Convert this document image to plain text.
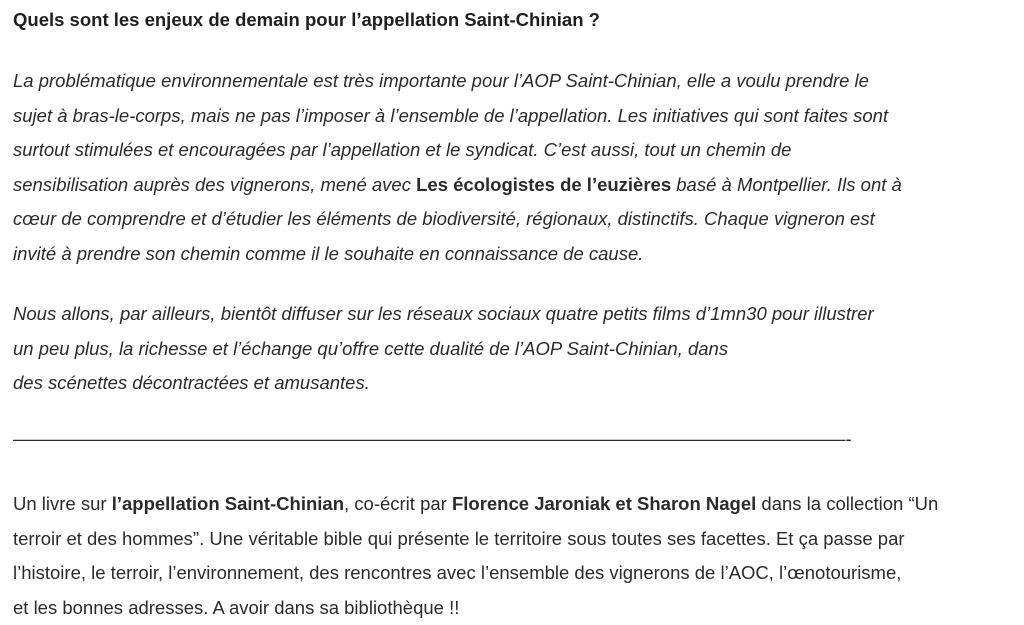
Quels sont les enjeux de demain pour l’appellation Saint-Chinian ?

La problématique environnementale est très importante pour l’AOP Saint-Chinian, elle a voulu prendre le
sujet à bras-le-corps, mais ne pas l’imposer à l’ensemble de l’appellation. Les initiatives qui sont faites sont
surtout stimulées et encouragées par l’appellation et le syndicat. C’est aussi, tout un chemin de
sensibilisation auprès des vignerons, mené avec Les écologistes de l’euzières basé à Montpellier. Ils ont à
cœur de comprendre et d’étudier les éléments de biodiversité, régionaux, distinctifs. Chaque vigneron est
invité à prendre son chemin comme il le souhaite en connaissance de cause.

Nous allons, par ailleurs, bientôt diffuser sur les réseaux sociaux quatre petits films d’1mn30 pour illustrer
un peu plus, la richesse et l’échange qu’offre cette dualité de l’AOP Saint-Chinian, dans
des scénettes décontractées et amusantes.

—————————————————————————————————————————————-

Un livre sur l’appellation Saint-Chinian, co-écrit par Florence Jaroniak et Sharon Nagel dans la collection “Un
terroir et des hommes”. Une véritable bible qui présente le territoire sous toutes ses facettes. Et ça passe par
l’histoire, le terroir, l’environnement, des rencontres avec l’ensemble des vignerons de l’AOC, l’œnotourisme,
et les bonnes adresses. A avoir dans sa bibliothèque !!
